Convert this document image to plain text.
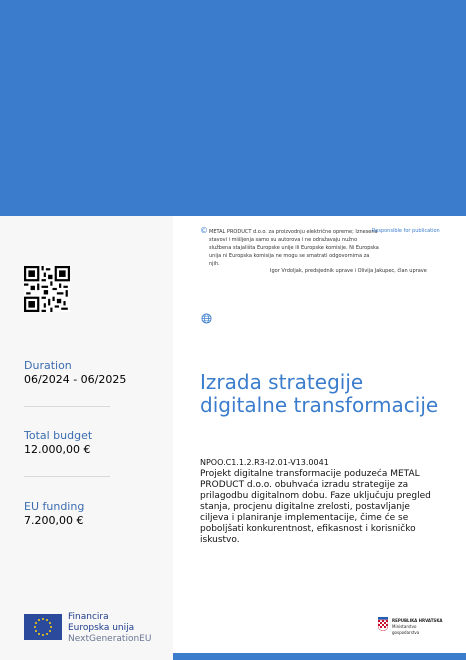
Duration
06/2024 - 06/2025
Total budget
12.000,00 €
EU funding
7.200,00 €
Financira
Europska unija
NextGenerationEU
© METAL PRODUCT d.o.o. za proizvodnju električne opreme; Iznesena stavovi i mišljenja samo su autorova i ne odražavaju nužno službena stajališta Europske unije ili Europske komisije. Ni Europska unija ni Europska komisija ne mogu se smatrati odgovornima za njih.
Responsible for publication
Igor Vrdoljak, predsjednik uprave i Olivija Jakupec, član uprave
Izrada strategije digitalne transformacije
NPOO.C1.1.2.R3-I2.01-V13.0041

Projekt digitalne transformacije poduzeća METAL PRODUCT d.o.o. obuhvaća izradu strategije za prilagodbu digitalnom dobu. Faze uključuju pregled stanja, procjenu digitalne zrelosti, postavljanje ciljeva i planiranje implementacije, čime će se poboljšati konkurentnost, efikasnost i korisničko iskustvo.

REPUBLIKA HRVATSKA
Ministarstvo
gospodarstva
